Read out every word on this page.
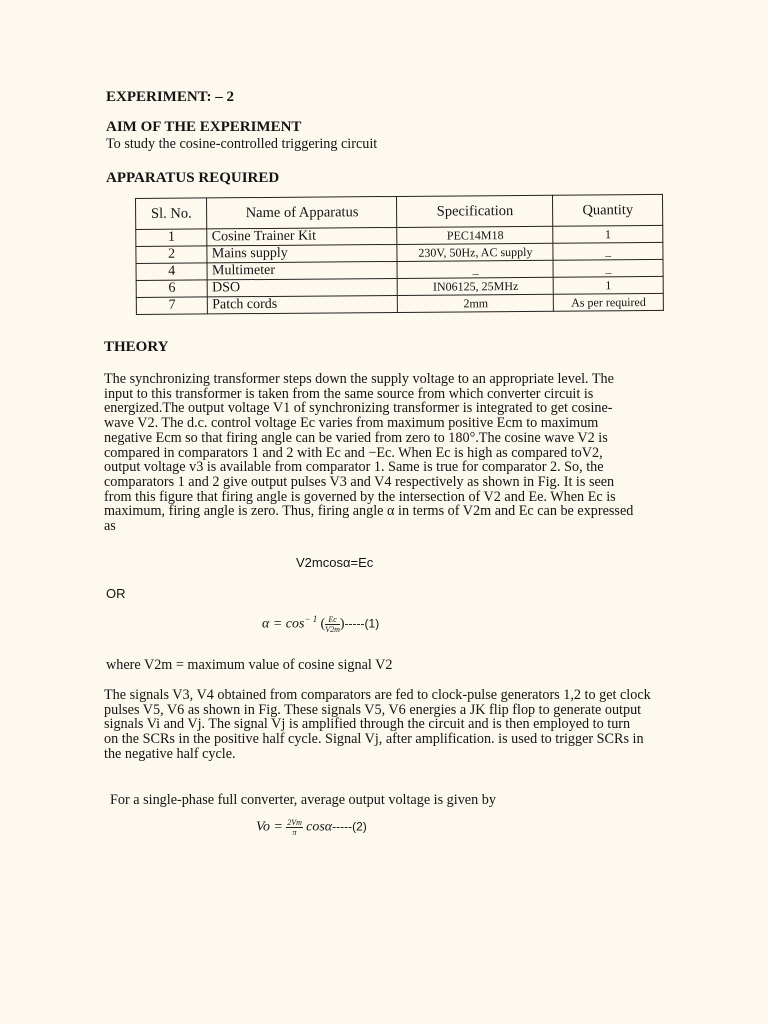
EXPERIMENT: – 2
AIM OF THE EXPERIMENT
To study the cosine-controlled triggering circuit
APPARATUS REQUIRED
Sl. No.	Name of Apparatus	Specification	Quantity
1	Cosine Trainer Kit	PEC14M18	1
2	Mains supply	230V, 50Hz, AC supply	_
4	Multimeter	_	_
6	DSO	IN06125, 25MHz	1
7	Patch cords	2mm	As per required
THEORY
The synchronizing transformer steps down the supply voltage to an appropriate level. The
input to this transformer is taken from the same source from which converter circuit is
energized.The output voltage V1 of synchronizing transformer is integrated to get cosine-
wave V2. The d.c. control voltage Ec varies from maximum positive Ecm to maximum
negative Ecm so that firing angle can be varied from zero to 180°.The cosine wave V2 is
compared in comparators 1 and 2 with Ec and −Ec. When Ec is high as compared toV2,
output voltage v3 is available from comparator 1. Same is true for comparator 2. So, the
comparators 1 and 2 give output pulses V3 and V4 respectively as shown in Fig. It is seen
from this figure that firing angle is governed by the intersection of V2 and Ee. When Ec is
maximum, firing angle is zero. Thus, firing angle α in terms of V2m and Ec can be expressed
as
V2mcosα=Ec
OR
$\alpha = \cos^{- 1}$ ( $\frac{Ec}{V2m} )-----(1)$
where V2m = maximum value of cosine signal V2
The signals V3, V4 obtained from comparators are fed to clock-pulse generators 1,2 to get clock
pulses V5, V6 as shown in Fig. These signals V5, V6 energies a JK flip flop to generate output
signals Vi and Vj. The signal Vj is amplified through the circuit and is then employed to turn
on the SCRs in the positive half cycle. Signal Vj, after amplification. is used to trigger SCRs in
the negative half cycle.
For a single-phase full converter, average output voltage is given by
$Vo = \frac{2Vm}{\pi} \cos\alpha-----(2)$
